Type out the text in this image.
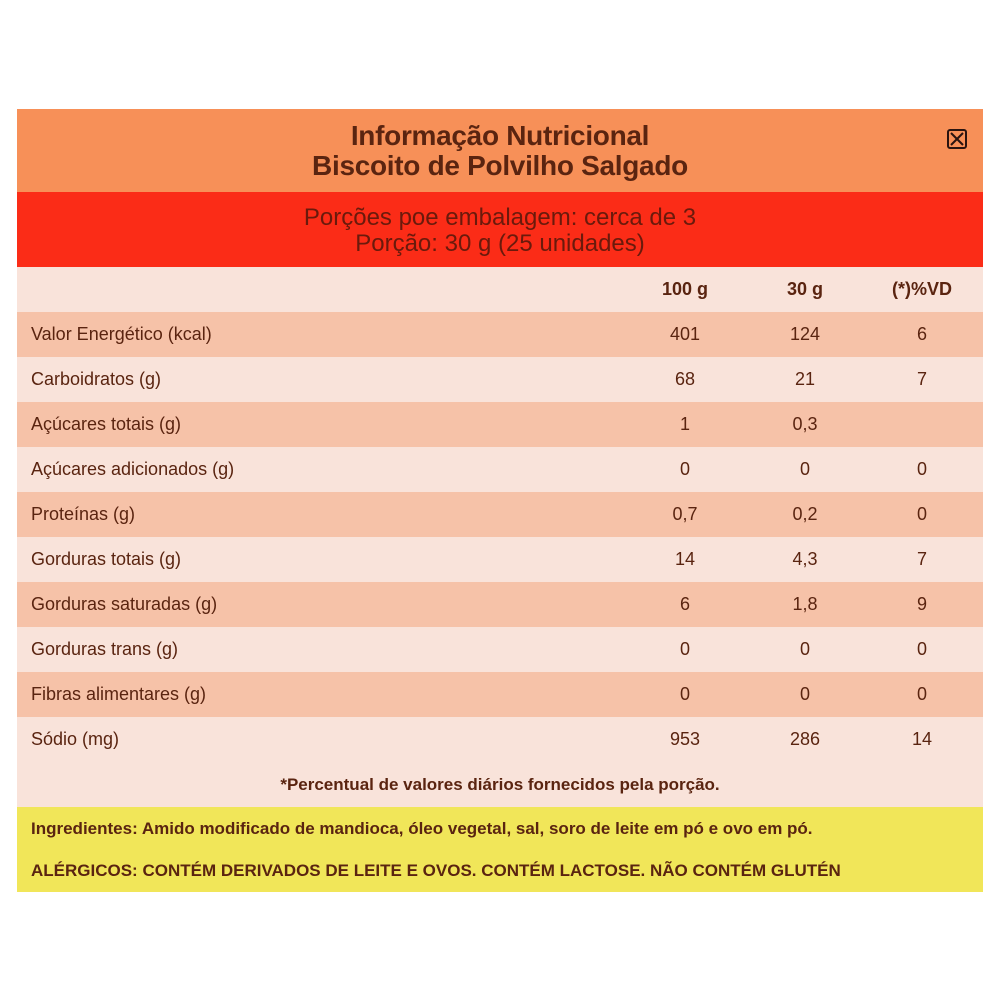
Informação Nutricional
Biscoito de Polvilho Salgado
Porções poe embalagem: cerca de 3
Porção: 30 g (25 unidades)
100 g	30 g	(*)%VD
Valor Energético (kcal)	401	124	6
Carboidratos (g)	68	21	7
Açúcares totais (g)	1	0,3
Açúcares adicionados (g)	0	0	0
Proteínas (g)	0,7	0,2	0
Gorduras totais (g)	14	4,3	7
Gorduras saturadas (g)	6	1,8	9
Gorduras trans (g)	0	0	0
Fibras alimentares (g)	0	0	0
Sódio (mg)	953	286	14
*Percentual de valores diários fornecidos pela porção.
Ingredientes: Amido modificado de mandioca, óleo vegetal, sal, soro de leite em pó e ovo em pó.
ALÉRGICOS: CONTÉM DERIVADOS DE LEITE E OVOS. CONTÉM LACTOSE. NÃO CONTÉM GLUTÉN
